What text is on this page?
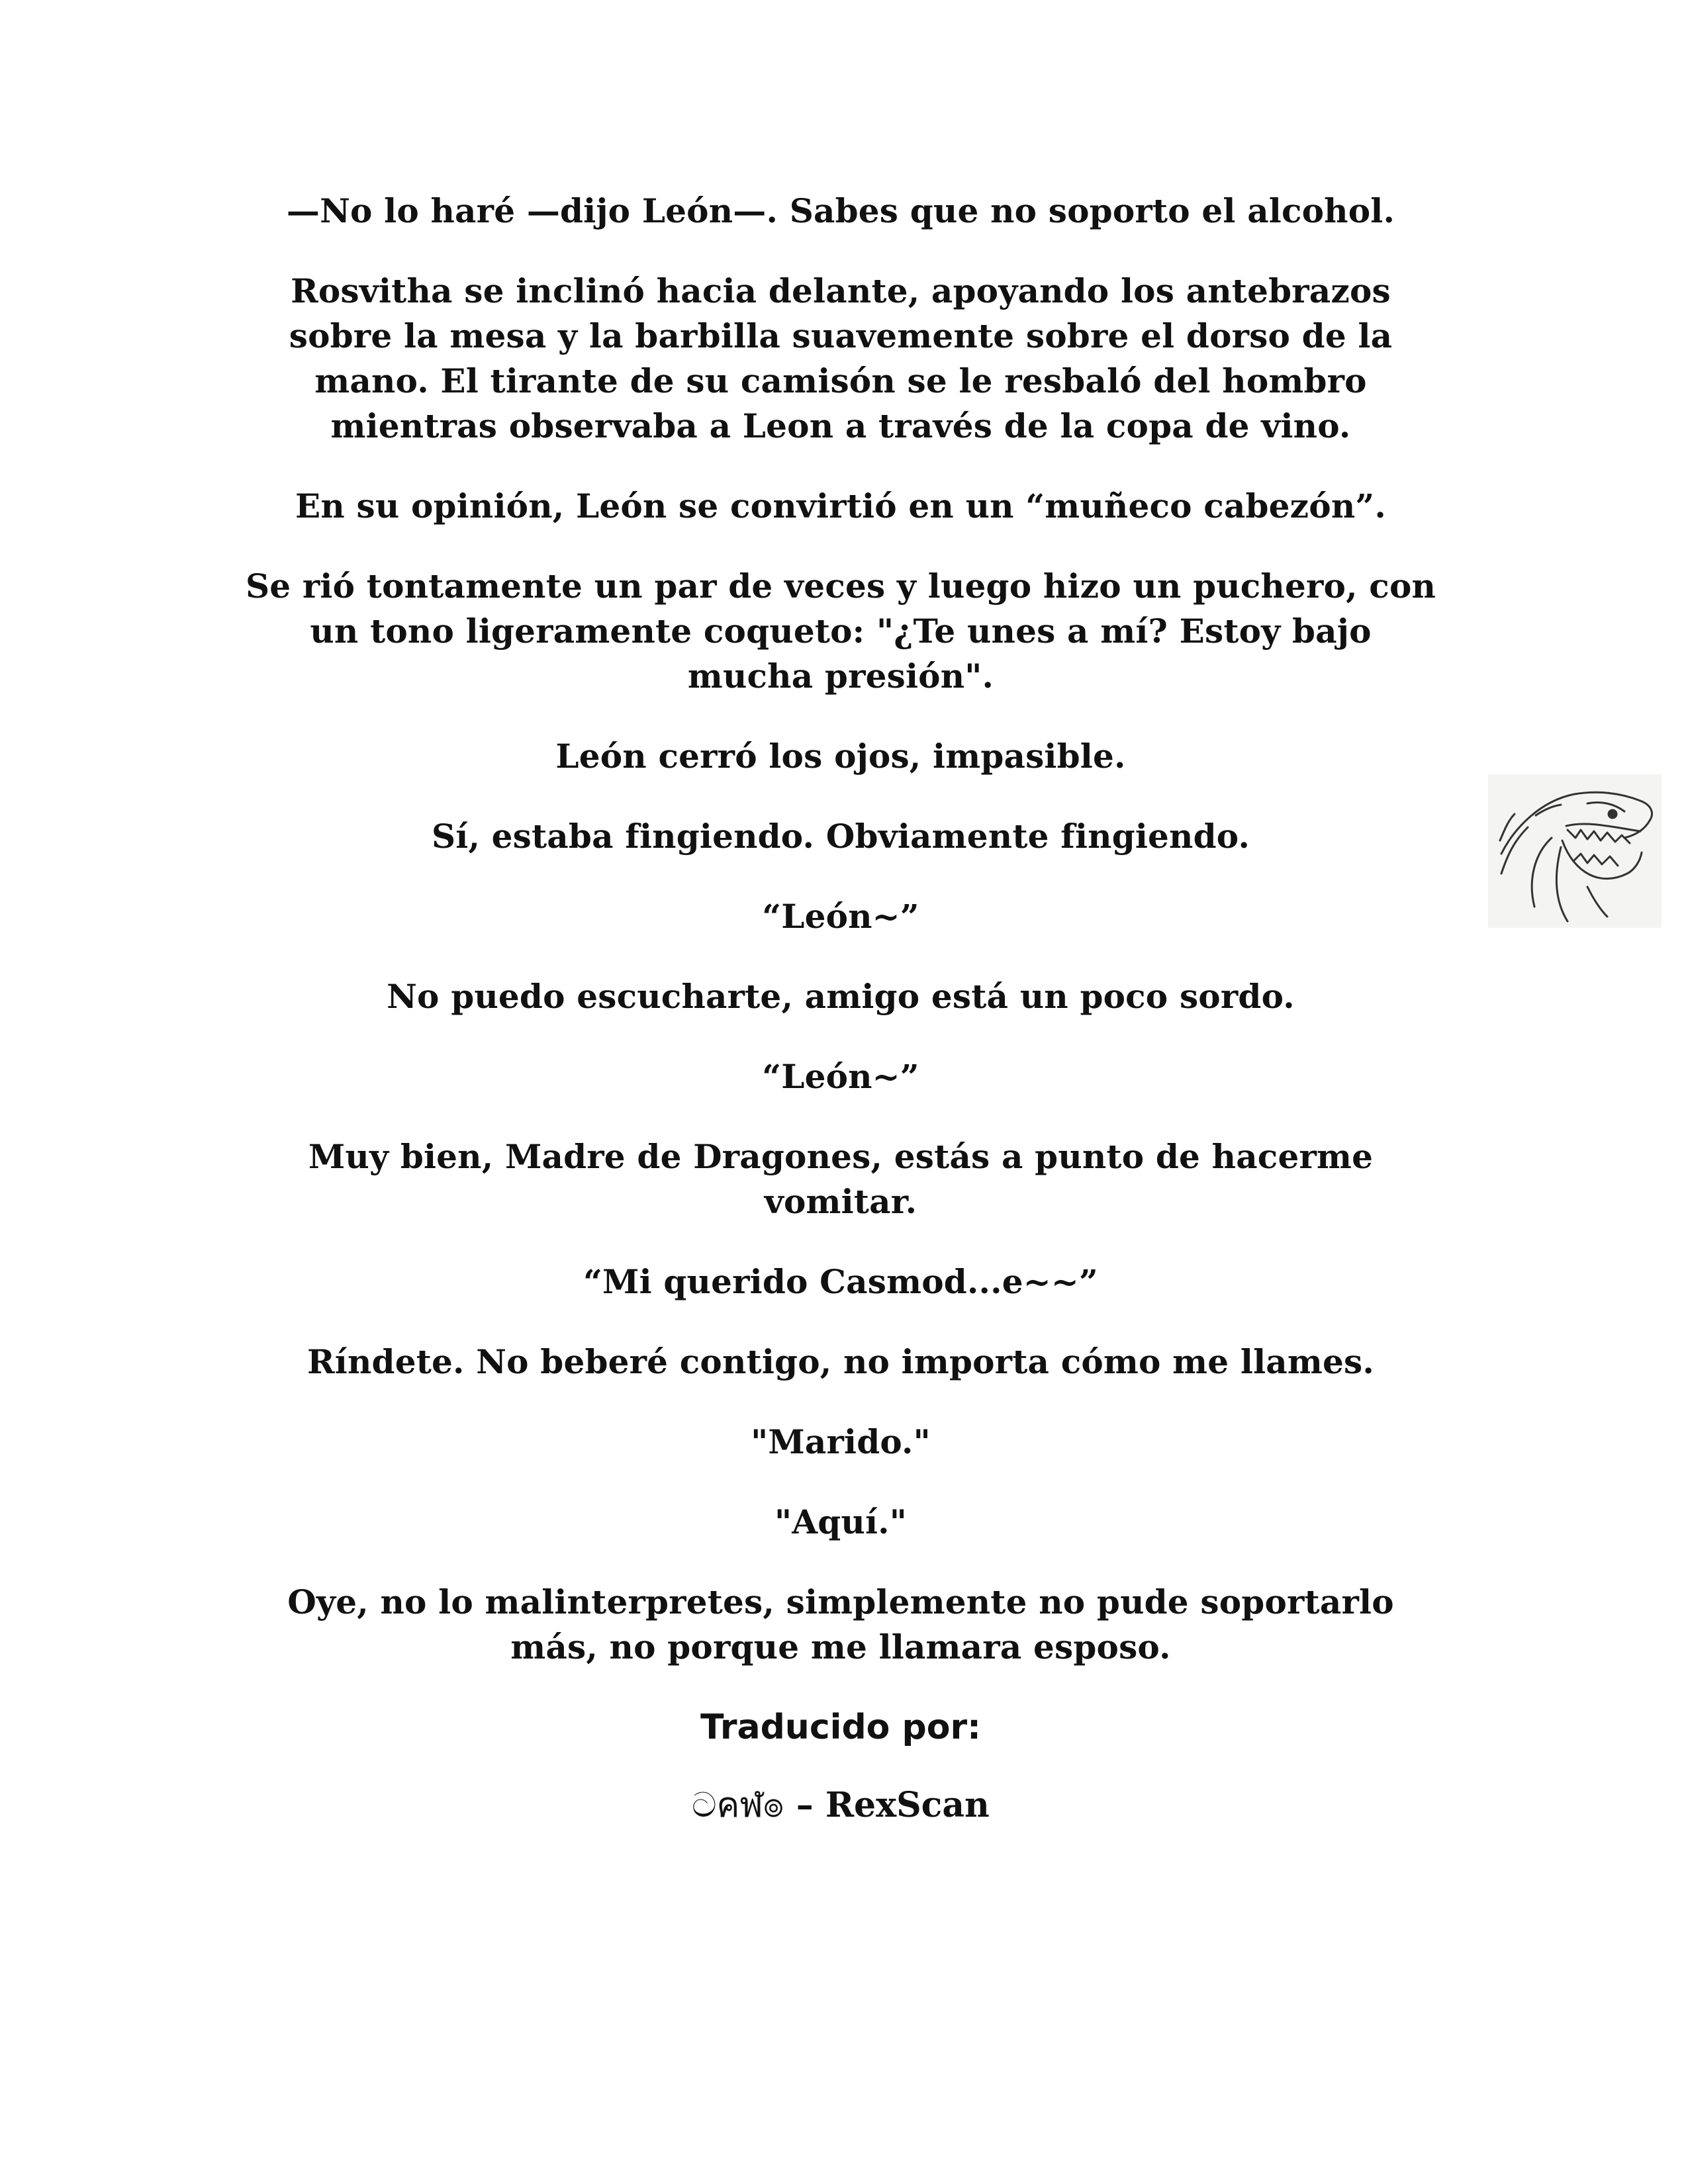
—No lo haré —dijo León—. Sabes que no soporto el alcohol.

Rosvitha se inclinó hacia delante, apoyando los antebrazos sobre la mesa y la barbilla suavemente sobre el dorso de la mano. El tirante de su camisón se le resbaló del hombro mientras observaba a Leon a través de la copa de vino.

En su opinión, León se convirtió en un “muñeco cabezón”.

Se rió tontamente un par de veces y luego hizo un puchero, con un tono ligeramente coqueto: "¿Te unes a mí? Estoy bajo mucha presión".

León cerró los ojos, impasible.

Sí, estaba fingiendo. Obviamente fingiendo.

“León~”

No puedo escucharte, amigo está un poco sordo.

“León~”

Muy bien, Madre de Dragones, estás a punto de hacerme vomitar.

“Mi querido Casmod...e~~”

Ríndete. No beberé contigo, no importa cómo me llames.

"Marido."

"Aquí."

Oye, no lo malinterpretes, simplemente no pude soportarlo más, no porque me llamara esposo.

Traducido por:

ටคฬ๏ – RexScan
